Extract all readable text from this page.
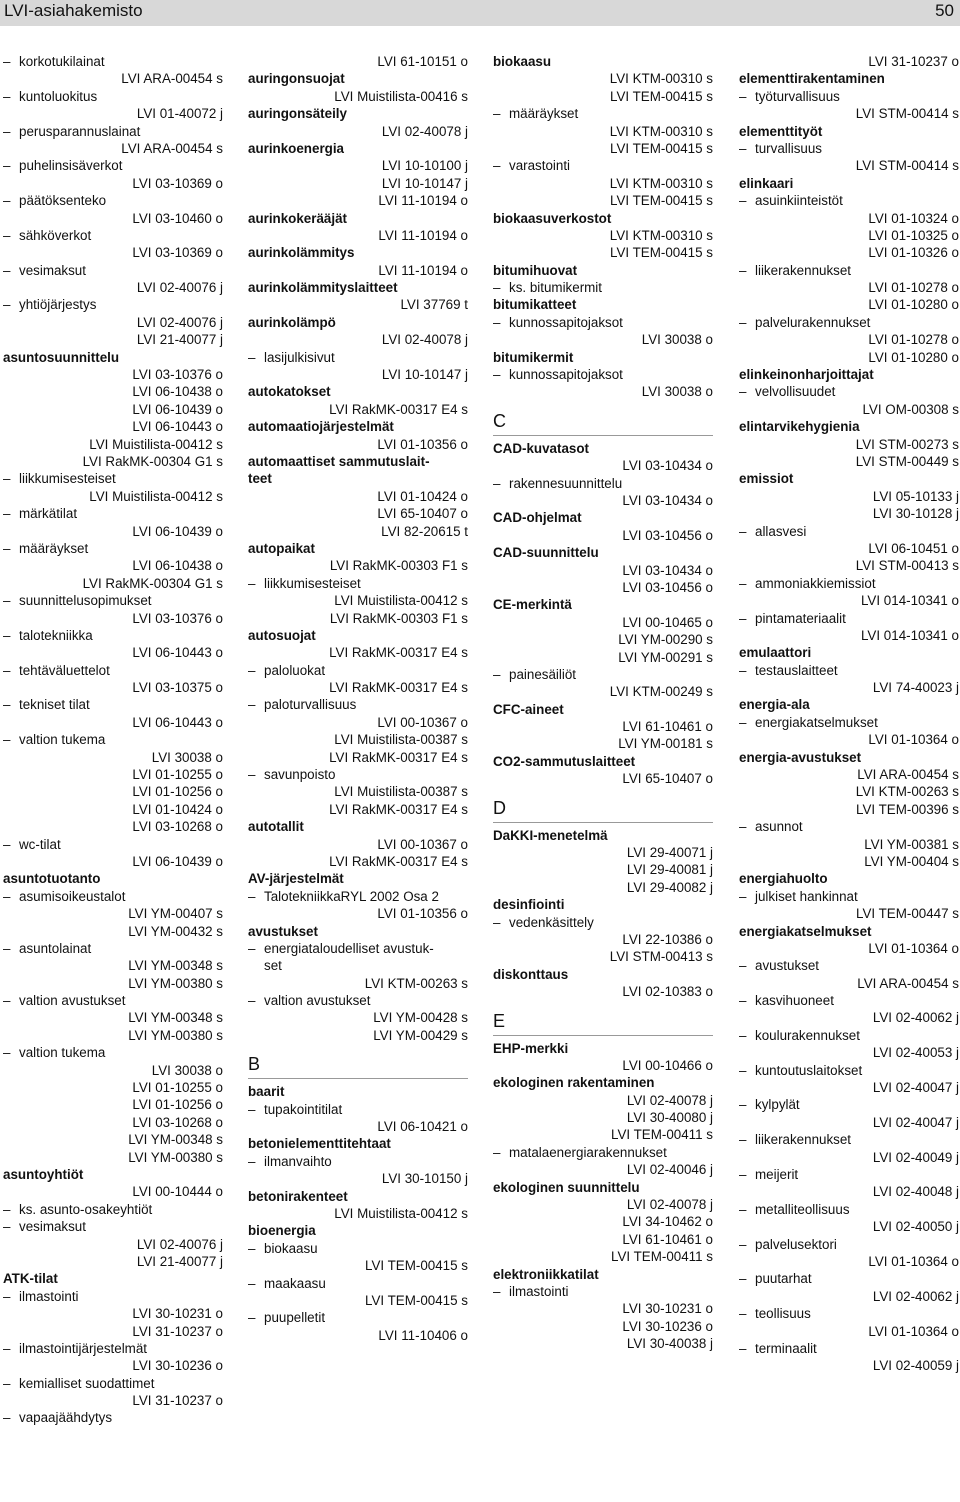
LVI-asiahakemisto	50
– korkotukilainat
LVI ARA-00454 s
– kuntoluokitus
LVI 01-40072 j
– perusparannuslainat
LVI ARA-00454 s
– puhelinsisäverkot
LVI 03-10369 o
– päätöksenteko
LVI 03-10460 o
– sähköverkot
LVI 03-10369 o
– vesimaksut
LVI 02-40076 j
– yhtiöjärjestys
LVI 02-40076 j
LVI 21-40077 j
asuntosuunnittelu
LVI 03-10376 o
LVI 06-10438 o
LVI 06-10439 o
LVI 06-10443 o
LVI Muistilista-00412 s
LVI RakMK-00304 G1 s
– liikkumisesteiset
LVI Muistilista-00412 s
– märkätilat
LVI 06-10439 o
– määräykset
LVI 06-10438 o
LVI RakMK-00304 G1 s
– suunnittelusopimukset
LVI 03-10376 o
– talotekniikka
LVI 06-10443 o
– tehtäväluettelot
LVI 03-10375 o
– tekniset tilat
LVI 06-10443 o
– valtion tukema
LVI 30038 o
LVI 01-10255 o
LVI 01-10256 o
LVI 01-10424 o
LVI 03-10268 o
– wc-tilat
LVI 06-10439 o
asuntotuotanto
– asumisoikeustalot
LVI YM-00407 s
LVI YM-00432 s
– asuntolainat
LVI YM-00348 s
LVI YM-00380 s
– valtion avustukset
LVI YM-00348 s
LVI YM-00380 s
– valtion tukema
LVI 30038 o
LVI 01-10255 o
LVI 01-10256 o
LVI 03-10268 o
LVI YM-00348 s
LVI YM-00380 s
asuntoyhtiöt
LVI 00-10444 o
– ks. asunto-osakeyhtiöt
– vesimaksut
LVI 02-40076 j
LVI 21-40077 j
ATK-tilat
– ilmastointi
LVI 30-10231 o
LVI 31-10237 o
– ilmastointijärjestelmät
LVI 30-10236 o
– kemialliset suodattimet
LVI 31-10237 o
– vapaajäähdytys
LVI 61-10151 o
auringonsuojat
LVI Muistilista-00416 s
auringonsäteily
LVI 02-40078 j
aurinkoenergia
LVI 10-10100 j
LVI 10-10147 j
LVI 11-10194 o
aurinkokerääjät
LVI 11-10194 o
aurinkolämmitys
LVI 11-10194 o
aurinkolämmityslaitteet
LVI 37769 t
aurinkolämpö
LVI 02-40078 j
– lasijulkisivut
LVI 10-10147 j
autokatokset
LVI RakMK-00317 E4 s
automaatiojärjestelmät
LVI 01-10356 o
automaattiset sammutuslait-
teet
LVI 01-10424 o
LVI 65-10407 o
LVI 82-20615 t
autopaikat
LVI RakMK-00303 F1 s
– liikkumisesteiset
LVI Muistilista-00412 s
LVI RakMK-00303 F1 s
autosuojat
LVI RakMK-00317 E4 s
– paloluokat
LVI RakMK-00317 E4 s
– paloturvallisuus
LVI 00-10367 o
LVI Muistilista-00387 s
LVI RakMK-00317 E4 s
– savunpoisto
LVI Muistilista-00387 s
LVI RakMK-00317 E4 s
autotallit
LVI 00-10367 o
LVI RakMK-00317 E4 s
AV-järjestelmät
– TalotekniikkaRYL 2002 Osa 2
LVI 01-10356 o
avustukset
– energiataloudelliset avustuk-
set
LVI KTM-00263 s
– valtion avustukset
LVI YM-00428 s
LVI YM-00429 s
B
baarit
– tupakointitilat
LVI 06-10421 o
betonielementtitehtaat
– ilmanvaihto
LVI 30-10150 j
betonirakenteet
LVI Muistilista-00412 s
bioenergia
– biokaasu
LVI TEM-00415 s
– maakaasu
LVI TEM-00415 s
– puupelletit
LVI 11-10406 o
biokaasu
LVI KTM-00310 s
LVI TEM-00415 s
– määräykset
LVI KTM-00310 s
LVI TEM-00415 s
– varastointi
LVI KTM-00310 s
LVI TEM-00415 s
biokaasuverkostot
LVI KTM-00310 s
LVI TEM-00415 s
bitumihuovat
– ks. bitumikermit
bitumikatteet
– kunnossapitojaksot
LVI 30038 o
bitumikermit
– kunnossapitojaksot
LVI 30038 o
C
CAD-kuvatasot
LVI 03-10434 o
– rakennesuunnittelu
LVI 03-10434 o
CAD-ohjelmat
LVI 03-10456 o
CAD-suunnittelu
LVI 03-10434 o
LVI 03-10456 o
CE-merkintä
LVI 00-10465 o
LVI YM-00290 s
LVI YM-00291 s
– painesäiliöt
LVI KTM-00249 s
CFC-aineet
LVI 61-10461 o
LVI YM-00181 s
CO2-sammutuslaitteet
LVI 65-10407 o
D
DaKKI-menetelmä
LVI 29-40071 j
LVI 29-40081 j
LVI 29-40082 j
desinfiointi
– vedenkäsittely
LVI 22-10386 o
LVI STM-00413 s
diskonttaus
LVI 02-10383 o
E
EHP-merkki
LVI 00-10466 o
ekologinen rakentaminen
LVI 02-40078 j
LVI 30-40080 j
LVI TEM-00411 s
– matalaenergiarakennukset
LVI 02-40046 j
ekologinen suunnittelu
LVI 02-40078 j
LVI 34-10462 o
LVI 61-10461 o
LVI TEM-00411 s
elektroniikkatilat
– ilmastointi
LVI 30-10231 o
LVI 30-10236 o
LVI 30-40038 j
LVI 31-10237 o
elementtirakentaminen
– työturvallisuus
LVI STM-00414 s
elementtityöt
– turvallisuus
LVI STM-00414 s
elinkaari
– asuinkiinteistöt
LVI 01-10324 o
LVI 01-10325 o
LVI 01-10326 o
– liikerakennukset
LVI 01-10278 o
LVI 01-10280 o
– palvelurakennukset
LVI 01-10278 o
LVI 01-10280 o
elinkeinonharjoittajat
– velvollisuudet
LVI OM-00308 s
elintarvikehygienia
LVI STM-00273 s
LVI STM-00449 s
emissiot
LVI 05-10133 j
LVI 30-10128 j
– allasvesi
LVI 06-10451 o
LVI STM-00413 s
– ammoniakkiemissiot
LVI 014-10341 o
– pintamateriaalit
LVI 014-10341 o
emulaattori
– testauslaitteet
LVI 74-40023 j
energia-ala
– energiakatselmukset
LVI 01-10364 o
energia-avustukset
LVI ARA-00454 s
LVI KTM-00263 s
LVI TEM-00396 s
– asunnot
LVI YM-00381 s
LVI YM-00404 s
energiahuolto
– julkiset hankinnat
LVI TEM-00447 s
energiakatselmukset
LVI 01-10364 o
– avustukset
LVI ARA-00454 s
– kasvihuoneet
LVI 02-40062 j
– koulurakennukset
LVI 02-40053 j
– kuntoutuslaitokset
LVI 02-40047 j
– kylpylät
LVI 02-40047 j
– liikerakennukset
LVI 02-40049 j
– meijerit
LVI 02-40048 j
– metalliteollisuus
LVI 02-40050 j
– palvelusektori
LVI 01-10364 o
– puutarhat
LVI 02-40062 j
– teollisuus
LVI 01-10364 o
– terminaalit
LVI 02-40059 j
